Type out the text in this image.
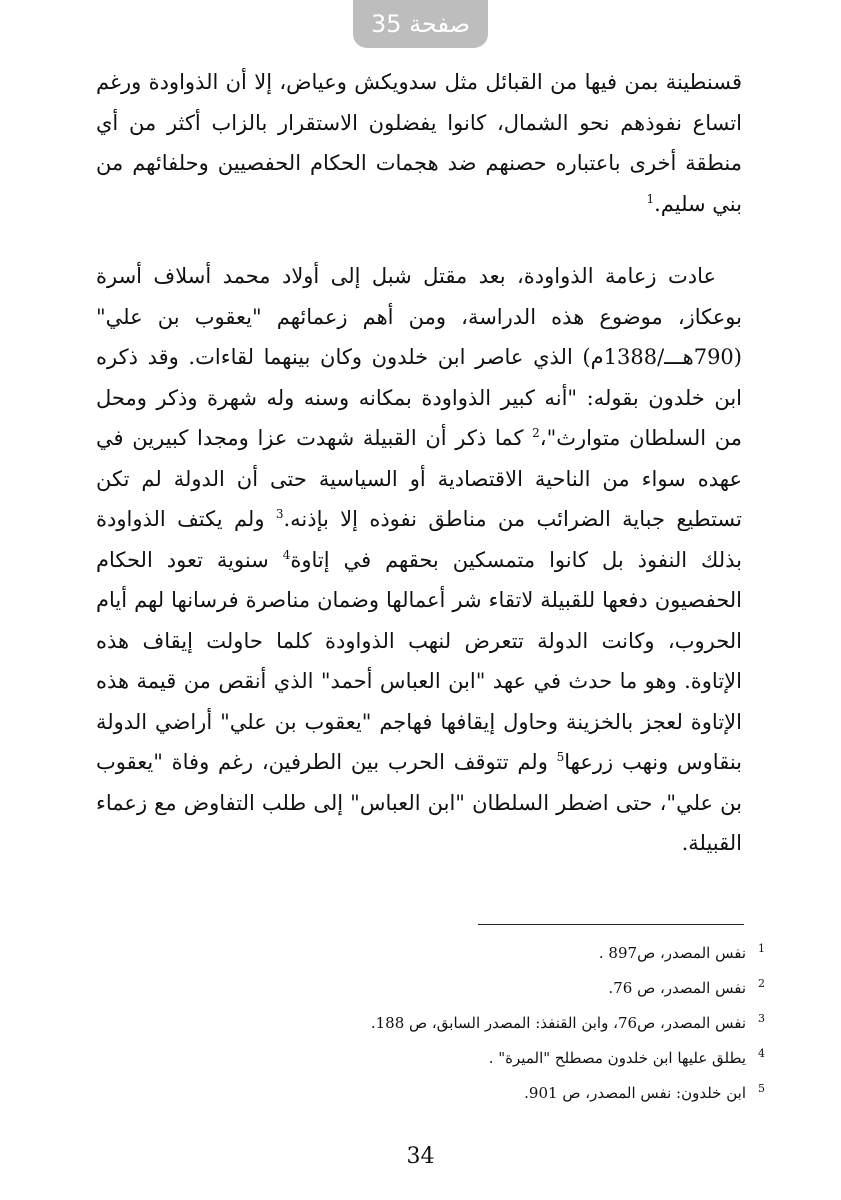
صفحة 35

قسنطينة بمن فيها من القبائل مثل سدويكش وعياض، إلا أن الذواودة ورغم اتساع نفوذهم نحو الشمال، كانوا يفضلون الاستقرار بالزاب أكثر من أي منطقة أخرى باعتباره حصنهم ضد هجمات الحكام الحفصيين وحلفائهم من بني سليم.$^1$

عادت زعامة الذواودة، بعد مقتل شبل إلى أولاد محمد أسلاف أسرة بوعكاز، موضوع هذه الدراسة، ومن أهم زعمائهم "يعقوب بن علي" (790هـــ/1388م) الذي عاصر ابن خلدون وكان بينهما لقاءات. وقد ذكره ابن خلدون بقوله: "أنه كبير الذواودة بمكانه وسنه وله شهرة وذكر ومحل من السلطان متوارث"،$^2$ كما ذكر أن القبيلة شهدت عزا ومجدا كبيرين في عهده سواء من الناحية الاقتصادية أو السياسية حتى أن الدولة لم تكن تستطيع جباية الضرائب من مناطق نفوذه إلا بإذنه.$^3$ ولم يكتف الذواودة بذلك النفوذ بل كانوا متمسكين بحقهم في إتاوة$^4$ سنوية تعود الحكام الحفصيون دفعها للقبيلة لاتقاء شر أعمالها وضمان مناصرة فرسانها لهم أيام الحروب، وكانت الدولة تتعرض لنهب الذواودة كلما حاولت إيقاف هذه الإتاوة. وهو ما حدث في عهد "ابن العباس أحمد" الذي أنقص من قيمة هذه الإتاوة لعجز بالخزينة وحاول إيقافها فهاجم "يعقوب بن علي" أراضي الدولة بنقاوس ونهب زرعها$^5$ ولم تتوقف الحرب بين الطرفين، رغم وفاة "يعقوب بن علي"، حتى اضطر السلطان "ابن العباس" إلى طلب التفاوض مع زعماء القبيلة.

$^1$نفس المصدر، ص897 .
$^2$نفس المصدر، ص 76.
$^3$نفس المصدر، ص76، وابن القنفذ: المصدر السابق، ص 188.
$^4$يطلق عليها ابن خلدون مصطلح "الميرة" .
$^5$ابن خلدون: نفس المصدر، ص 901.
34
